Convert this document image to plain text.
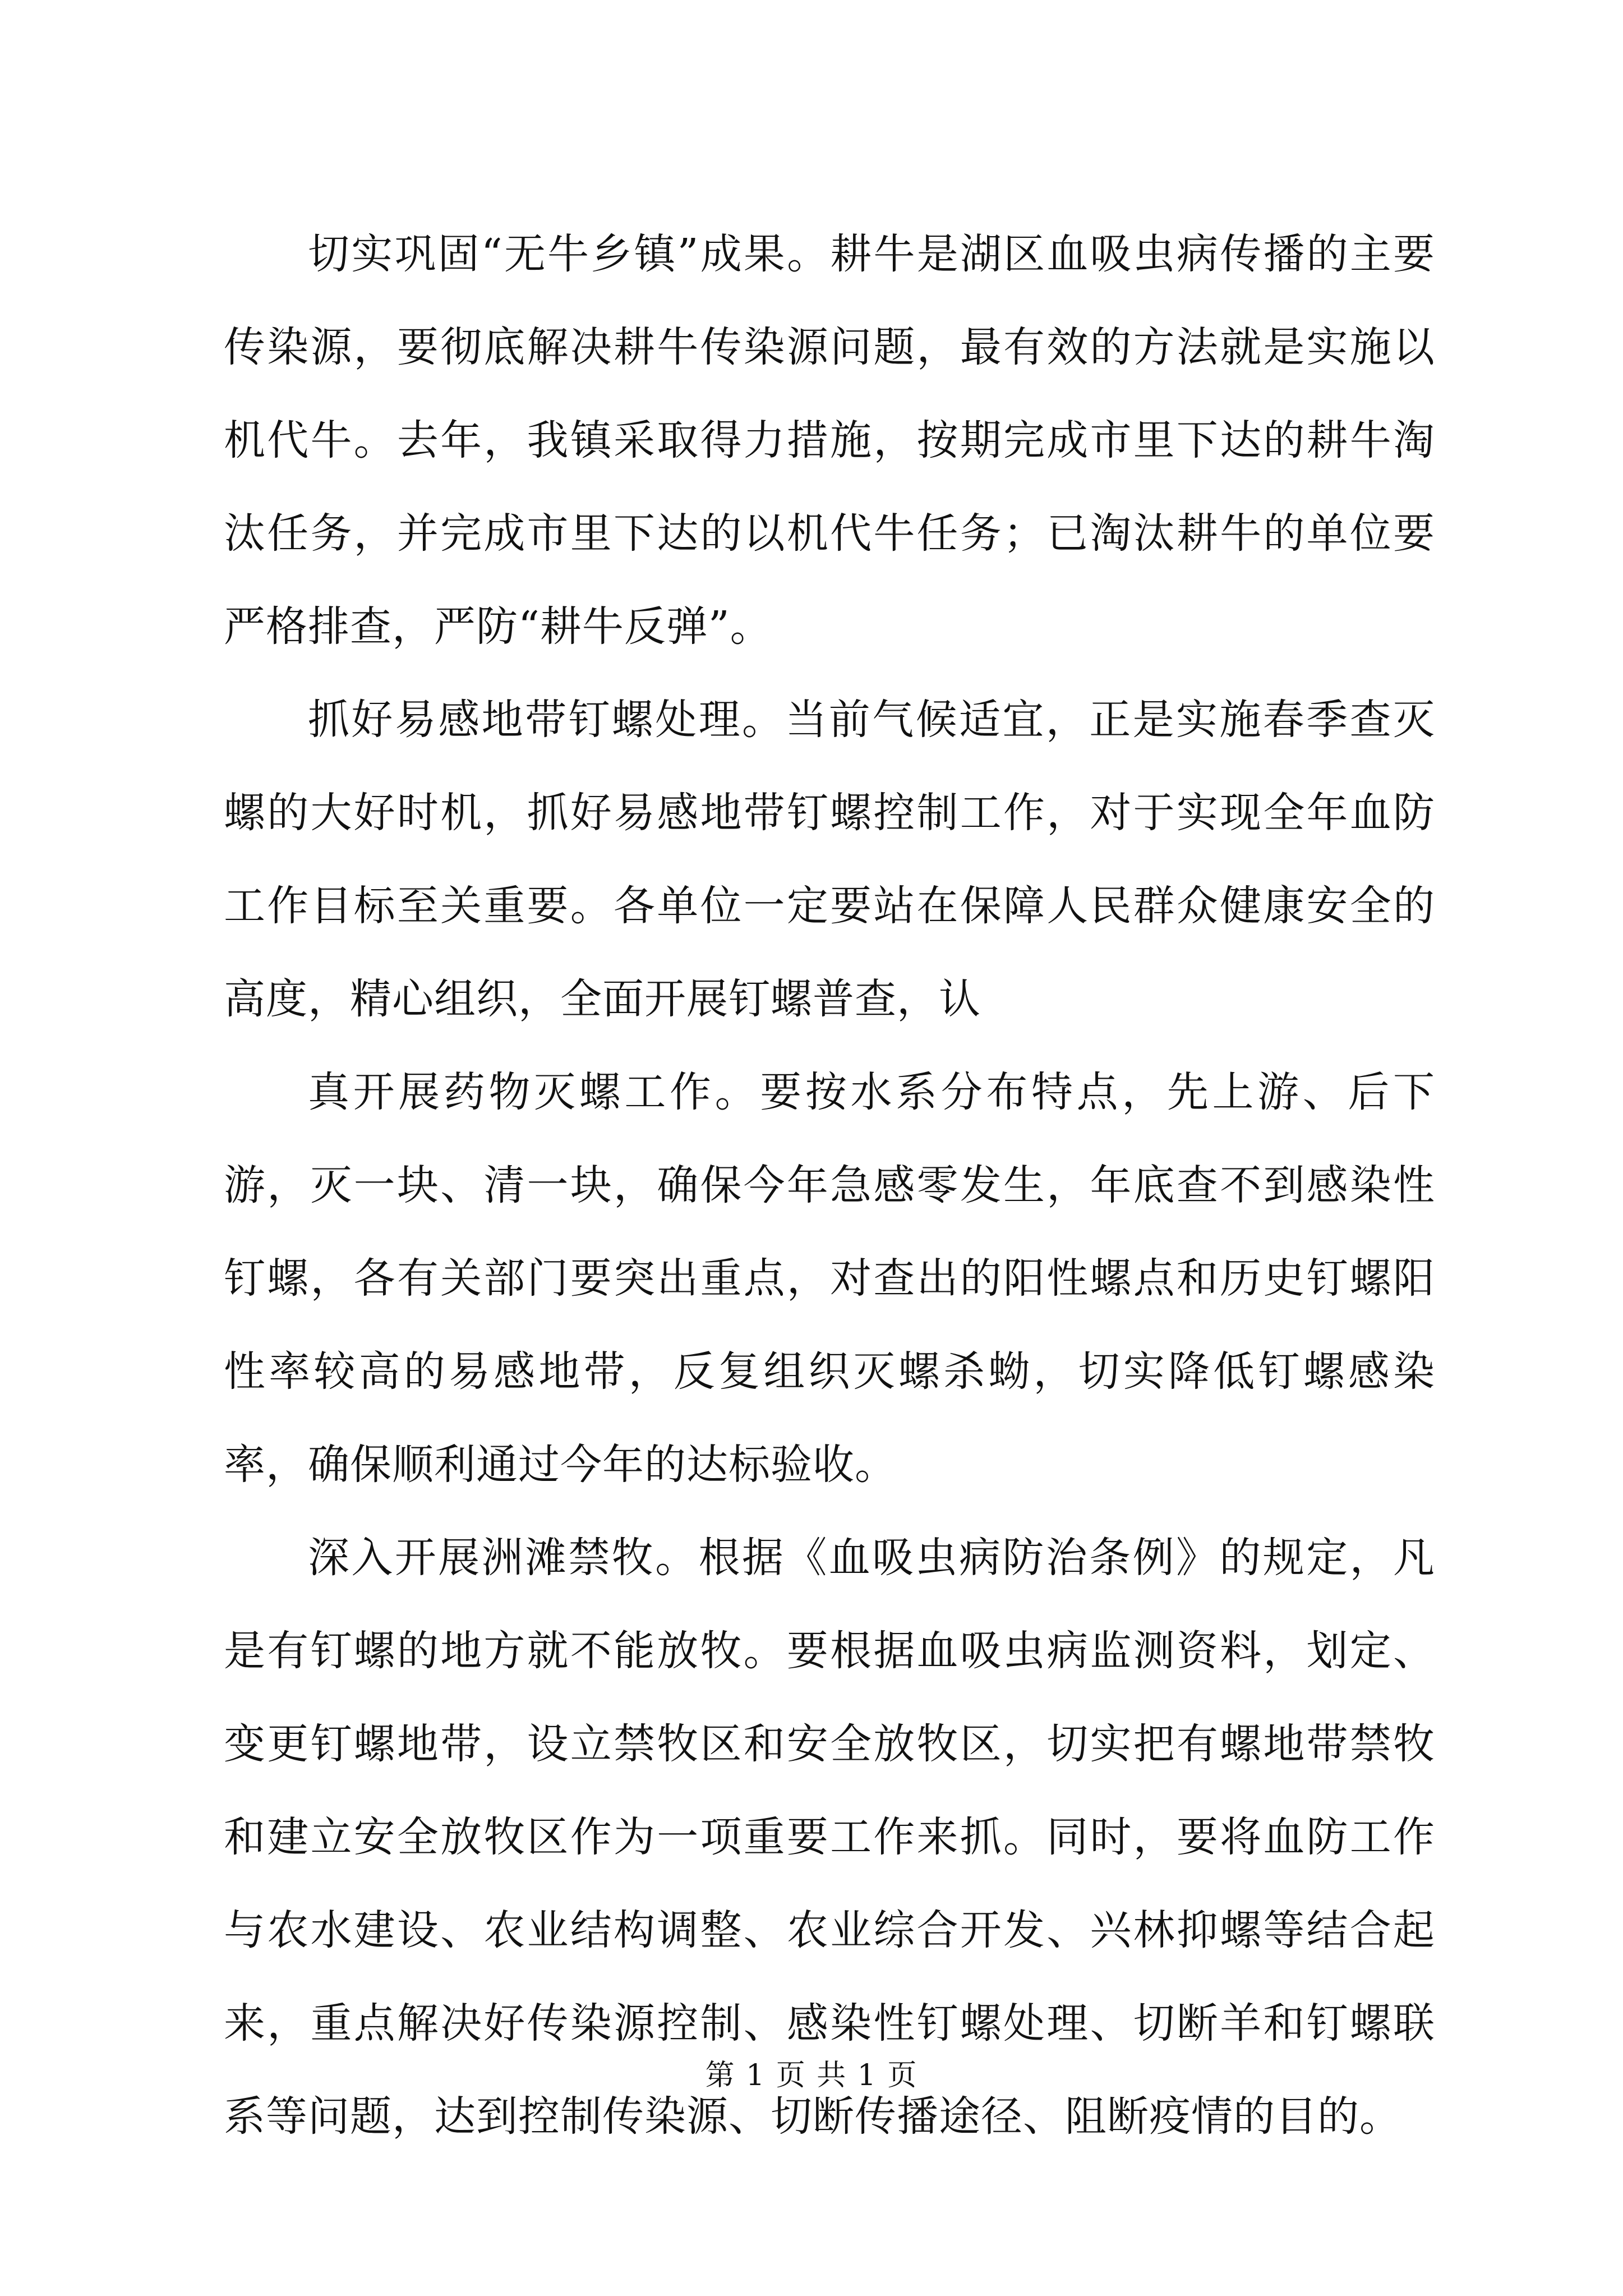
切实巩固“无牛乡镇”成果。耕牛是湖区血吸虫病传播的主要传染源，要彻底解决耕牛传染源问题，最有效的方法就是实施以机代牛。去年，我镇采取得力措施，按期完成市里下达的耕牛淘汰任务，并完成市里下达的以机代牛任务；已淘汰耕牛的单位要严格排查，严防“耕牛反弹”。

抓好易感地带钉螺处理。当前气候适宜，正是实施春季查灭螺的大好时机，抓好易感地带钉螺控制工作，对于实现全年血防工作目标至关重要。各单位一定要站在保障人民群众健康安全的高度，精心组织，全面开展钉螺普查，认

真开展药物灭螺工作。要按水系分布特点，先上游、后下游，灭一块、清一块，确保今年急感零发生，年底查不到感染性钉螺，各有关部门要突出重点，对查出的阳性螺点和历史钉螺阳性率较高的易感地带，反复组织灭螺杀蚴，切实降低钉螺感染率，确保顺利通过今年的达标验收。

深入开展洲滩禁牧。根据《血吸虫病防治条例》的规定，凡是有钉螺的地方就不能放牧。要根据血吸虫病监测资料，划定、变更钉螺地带，设立禁牧区和安全放牧区，切实把有螺地带禁牧和建立安全放牧区作为一项重要工作来抓。同时，要将血防工作与农水建设、农业结构调整、农业综合开发、兴林抑螺等结合起来，重点解决好传染源控制、感染性钉螺处理、切断羊和钉螺联系等问题，达到控制传染源、切断传播途径、阻断疫情的目的。

第 1 页 共 1 页
